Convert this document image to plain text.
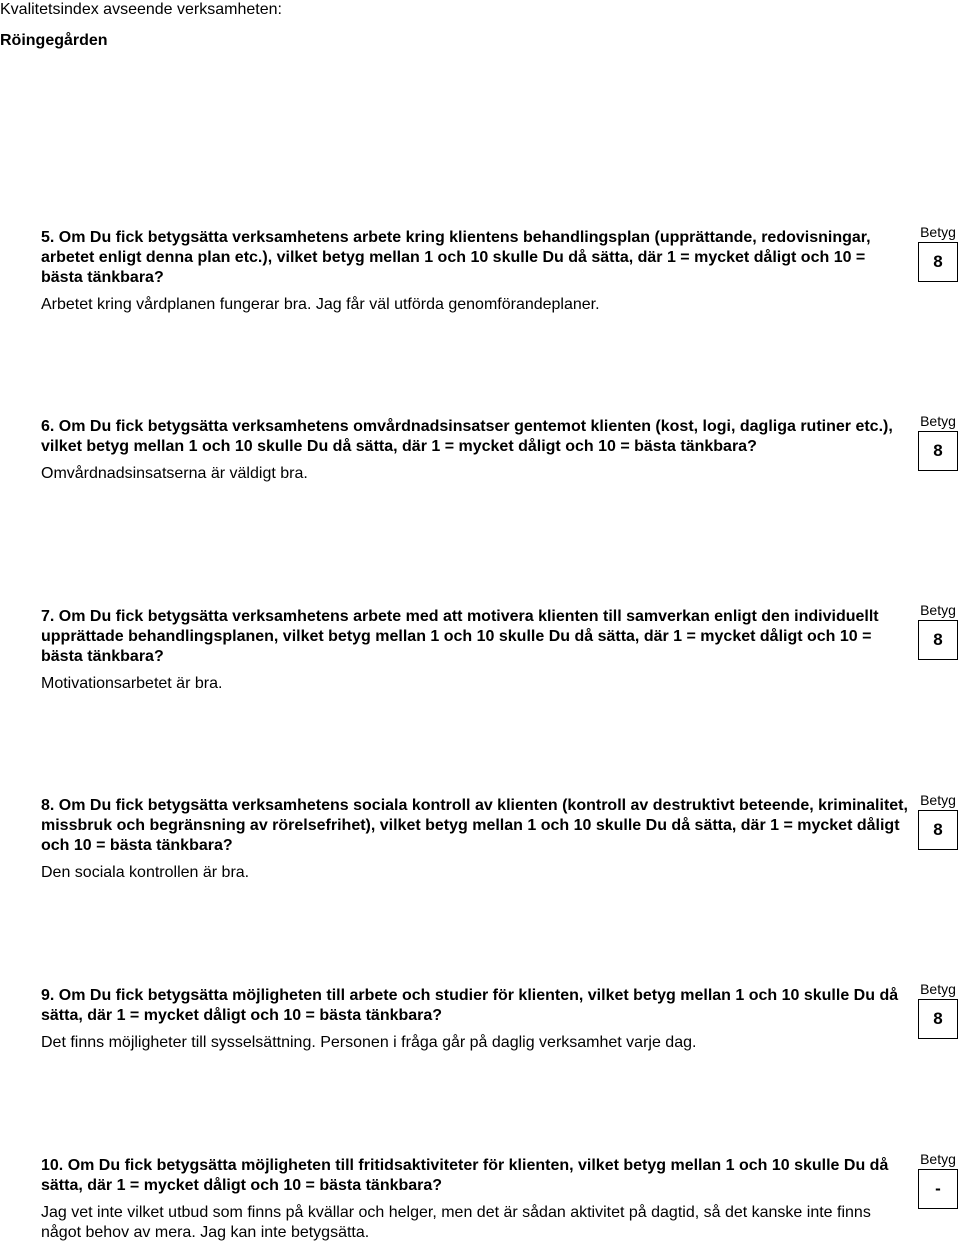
Kvalitetsindex avseende verksamheten:
Röingegården

5. Om Du fick betygsätta verksamhetens arbete kring klientens behandlingsplan (upprättande, redovisningar, arbetet enligt denna plan etc.), vilket betyg mellan 1 och 10 skulle Du då sätta, där 1 = mycket dåligt och 10 = bästa tänkbara?

Arbetet kring vårdplanen fungerar bra. Jag får väl utförda genomförandeplaner.

Betyg
8

6. Om Du fick betygsätta verksamhetens omvårdnadsinsatser gentemot klienten (kost, logi, dagliga rutiner etc.), vilket betyg mellan 1 och 10 skulle Du då sätta, där 1 = mycket dåligt och 10 = bästa tänkbara?

Omvårdnadsinsatserna är väldigt bra.

Betyg
8

7. Om Du fick betygsätta verksamhetens arbete med att motivera klienten till samverkan enligt den individuellt upprättade behandlingsplanen, vilket betyg mellan 1 och 10 skulle Du då sätta, där 1 = mycket dåligt och 10 = bästa tänkbara?

Motivationsarbetet är bra.

Betyg
8

8. Om Du fick betygsätta verksamhetens sociala kontroll av klienten (kontroll av destruktivt beteende, kriminalitet, missbruk och begränsning av rörelsefrihet), vilket betyg mellan 1 och 10 skulle Du då sätta, där 1 = mycket dåligt och 10 = bästa tänkbara?

Den sociala kontrollen är bra.

Betyg
8

9. Om Du fick betygsätta möjligheten till arbete och studier för klienten, vilket betyg mellan 1 och 10 skulle Du då sätta, där 1 = mycket dåligt och 10 = bästa tänkbara?

Det finns möjligheter till sysselsättning. Personen i fråga går på daglig verksamhet varje dag.

Betyg
8

10. Om Du fick betygsätta möjligheten till fritidsaktiviteter för klienten, vilket betyg mellan 1 och 10 skulle Du då sätta, där 1 = mycket dåligt och 10 = bästa tänkbara?

Jag vet inte vilket utbud som finns på kvällar och helger, men det är sådan aktivitet på dagtid, så det kanske inte finns något behov av mera. Jag kan inte betygsätta.

Betyg
-
